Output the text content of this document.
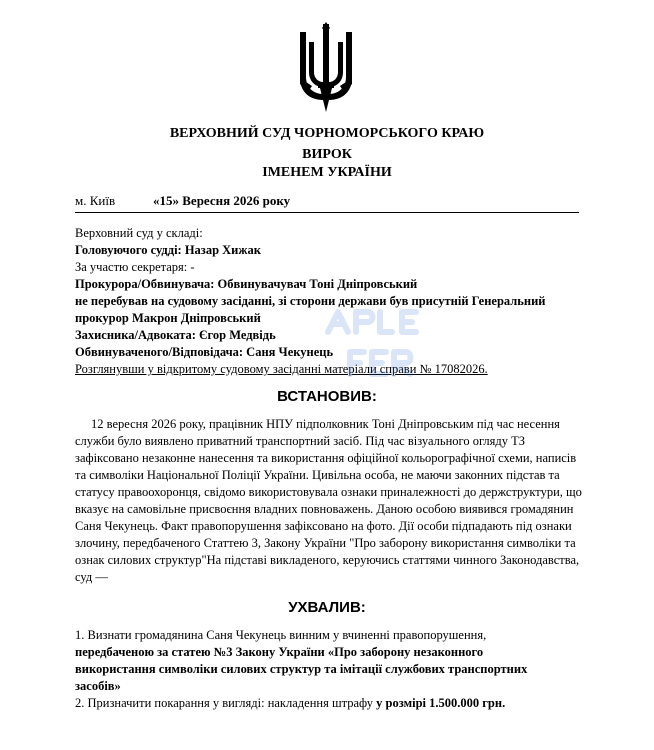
ВЕРХОВНИЙ СУД ЧОРНОМОРСЬКОГО КРАЮ
ВИРОК
ІМЕНЕМ УКРАЇНИ
м. Київ	«15» Вересня 2026 року
Верховний суд у складі:
Головуючого судді: Назар Хижак
За участю секретаря: -
Прокурора/Обвинувача: Обвинувачувач Тоні Дніпровський
не перебував на судовому засіданні, зі сторони держави був присутній Генеральний
прокурор Макрон Дніпровський
Захисника/Адвоката: Єгор Медвідь
Обвинуваченого/Відповідача: Саня Чекунець
Розглянувши у відкритому судовому засіданні матеріали справи № 17082026.
ВСТАНОВИВ:
12 вересня 2026 року, працівник НПУ підполковник Тоні Дніпровським під час несення служби було виявлено приватний транспортний засіб. Під час візуального огляду ТЗ зафіксовано незаконне нанесення та використання офіційної кольорографічної схеми, написів та символіки Національної Поліції України. Цивільна особа, не маючи законних підстав та статусу правоохоронця, свідомо використовувала ознаки приналежності до держструктури, що вказує на самовільне присвоєння владних повноважень. Даною особою виявився громадянин Саня Чекунець. Факт правопорушення зафіксовано на фото. Дії особи підпадають під ознаки злочину, передбаченого Статтею 3, Закону України "Про заборону використання символіки та ознак силових структур"На підставі викладеного, керуючись статтями чинного Законодавства, суд —
УХВАЛИВ:
1. Визнати громадянина Саня Чекунець винним у вчиненні правопорушення,
передбаченою за статею №3 Закону України «Про заборону незаконного
використання символіки силових структур та імітації службових транспортних
засобів»
2. Призначити покарання у вигляді: накладення штрафу у розмірі 1.500.000 грн.
